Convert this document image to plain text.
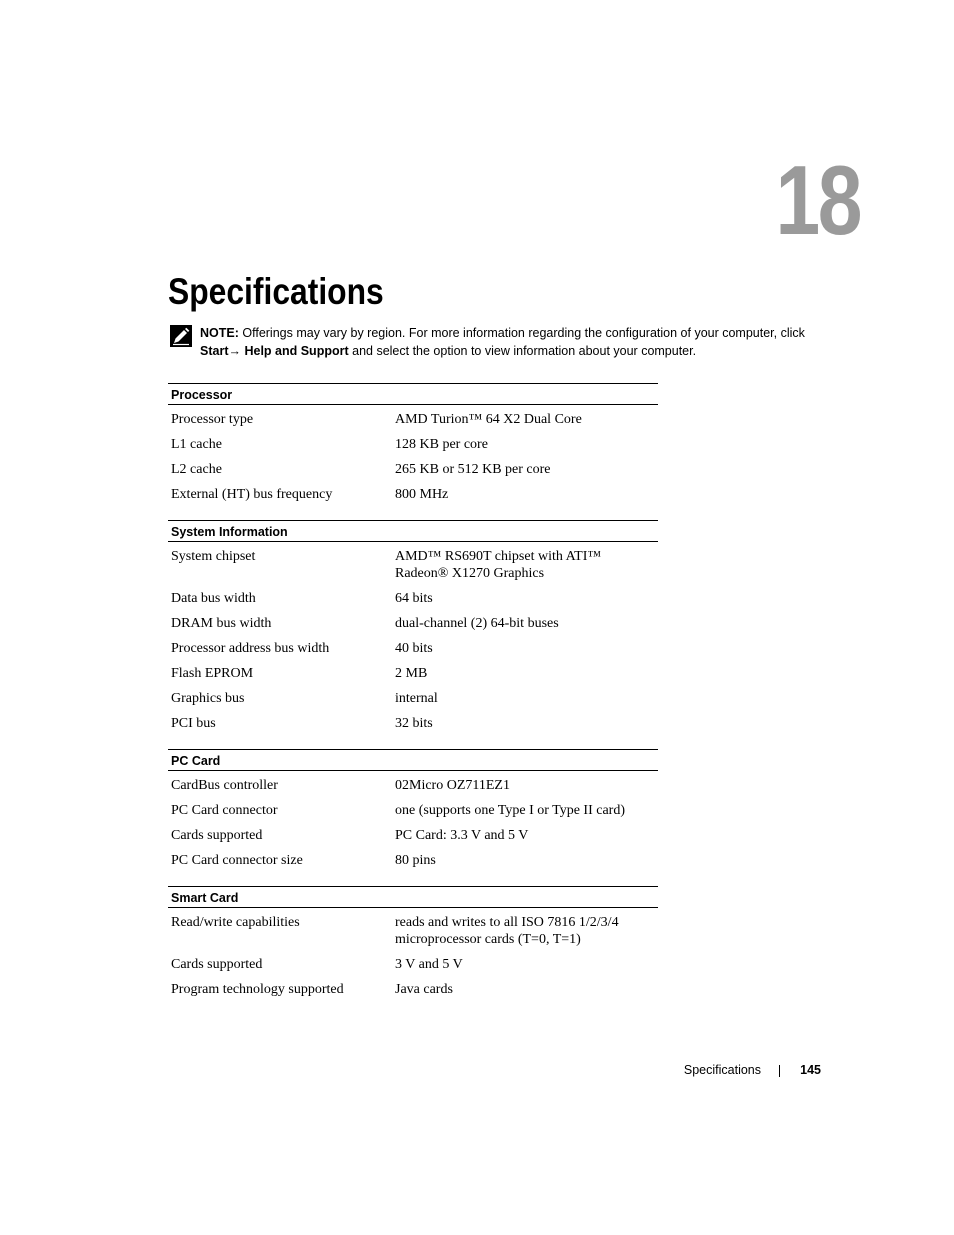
18
Specifications
NOTE: Offerings may vary by region. For more information regarding the configuration of your computer, click Start→ Help and Support and select the option to view information about your computer.
Processor
Processor type	AMD Turion™ 64 X2 Dual Core
L1 cache	128 KB per core
L2 cache	265 KB or 512 KB per core
External (HT) bus frequency	800 MHz
System Information
System chipset	AMD™ RS690T chipset with ATI™ Radeon® X1270 Graphics
Data bus width	64 bits
DRAM bus width	dual-channel (2) 64-bit buses
Processor address bus width	40 bits
Flash EPROM	2 MB
Graphics bus	internal
PCI bus	32 bits
PC Card
CardBus controller	02Micro OZ711EZ1
PC Card connector	one (supports one Type I or Type II card)
Cards supported	PC Card: 3.3 V and 5 V
PC Card connector size	80 pins
Smart Card
Read/write capabilities	reads and writes to all ISO 7816 1/2/3/4 microprocessor cards (T=0, T=1)
Cards supported	3 V and 5 V
Program technology supported	Java cards
Specifications	145
